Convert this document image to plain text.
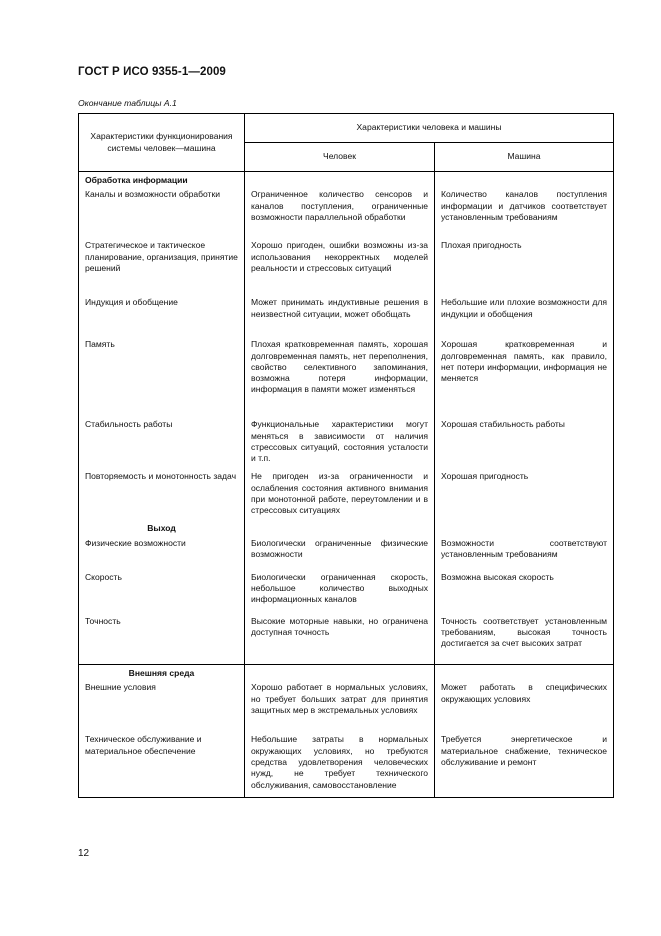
ГОСТ Р ИСО 9355-1—2009
Окончание таблицы А.1
Характеристики функционирования системы человек—машина	Характеристики человека и машины	
	Человек	Машина
Обработка информации		
Каналы и возможности обработки	Ограниченное количество сенсоров и каналов поступления, ограниченные возможности параллельной обработки	Количество каналов поступления информации и датчиков соответствует установленным требованиям
Стратегическое и тактическое планирование, организация, принятие решений	Хорошо пригоден, ошибки возможны из-за использования некорректных моделей реальности и стрессовых ситуаций	Плохая пригодность
Индукция и обобщение	Может принимать индуктивные решения в неизвестной ситуации, может обобщать	Небольшие или плохие возможности для индукции и обобщения
Память	Плохая кратковременная память, хорошая долговременная память, нет переполнения, свойство селективного запоминания, возможна потеря информации, информация в памяти может изменяться	Хорошая кратковременная и долговременная память, как правило, нет потери информации, информация не меняется
Стабильность работы	Функциональные характеристики могут меняться в зависимости от наличия стрессовых ситуаций, состояния усталости и т.п.	Хорошая стабильность работы
Повторяемость и монотонность задач	Не пригоден из-за ограниченности и ослабления состояния активного внимания при монотонной работе, переутомлении и в стрессовых ситуациях	Хорошая пригодность
Выход		
Физические возможности	Биологически ограниченные физические возможности	Возможности соответствуют установленным требованиям
Скорость	Биологически ограниченная скорость, небольшое количество выходных информационных каналов	Возможна высокая скорость
Точность	Высокие моторные навыки, но ограничена доступная точность	Точность соответствует установленным требованиям, высокая точность достигается за счет высоких затрат
Внешняя среда		
Внешние условия	Хорошо работает в нормальных условиях, но требует больших затрат для принятия защитных мер в экстремальных условиях	Может работать в специфических окружающих условиях
Техническое обслуживание и материальное обеспечение	Небольшие затраты в нормальных окружающих условиях, но требуются средства удовлетворения человеческих нужд, не требует технического обслуживания, самовосстановление	Требуется энергетическое и материальное снабжение, техническое обслуживание и ремонт
12
